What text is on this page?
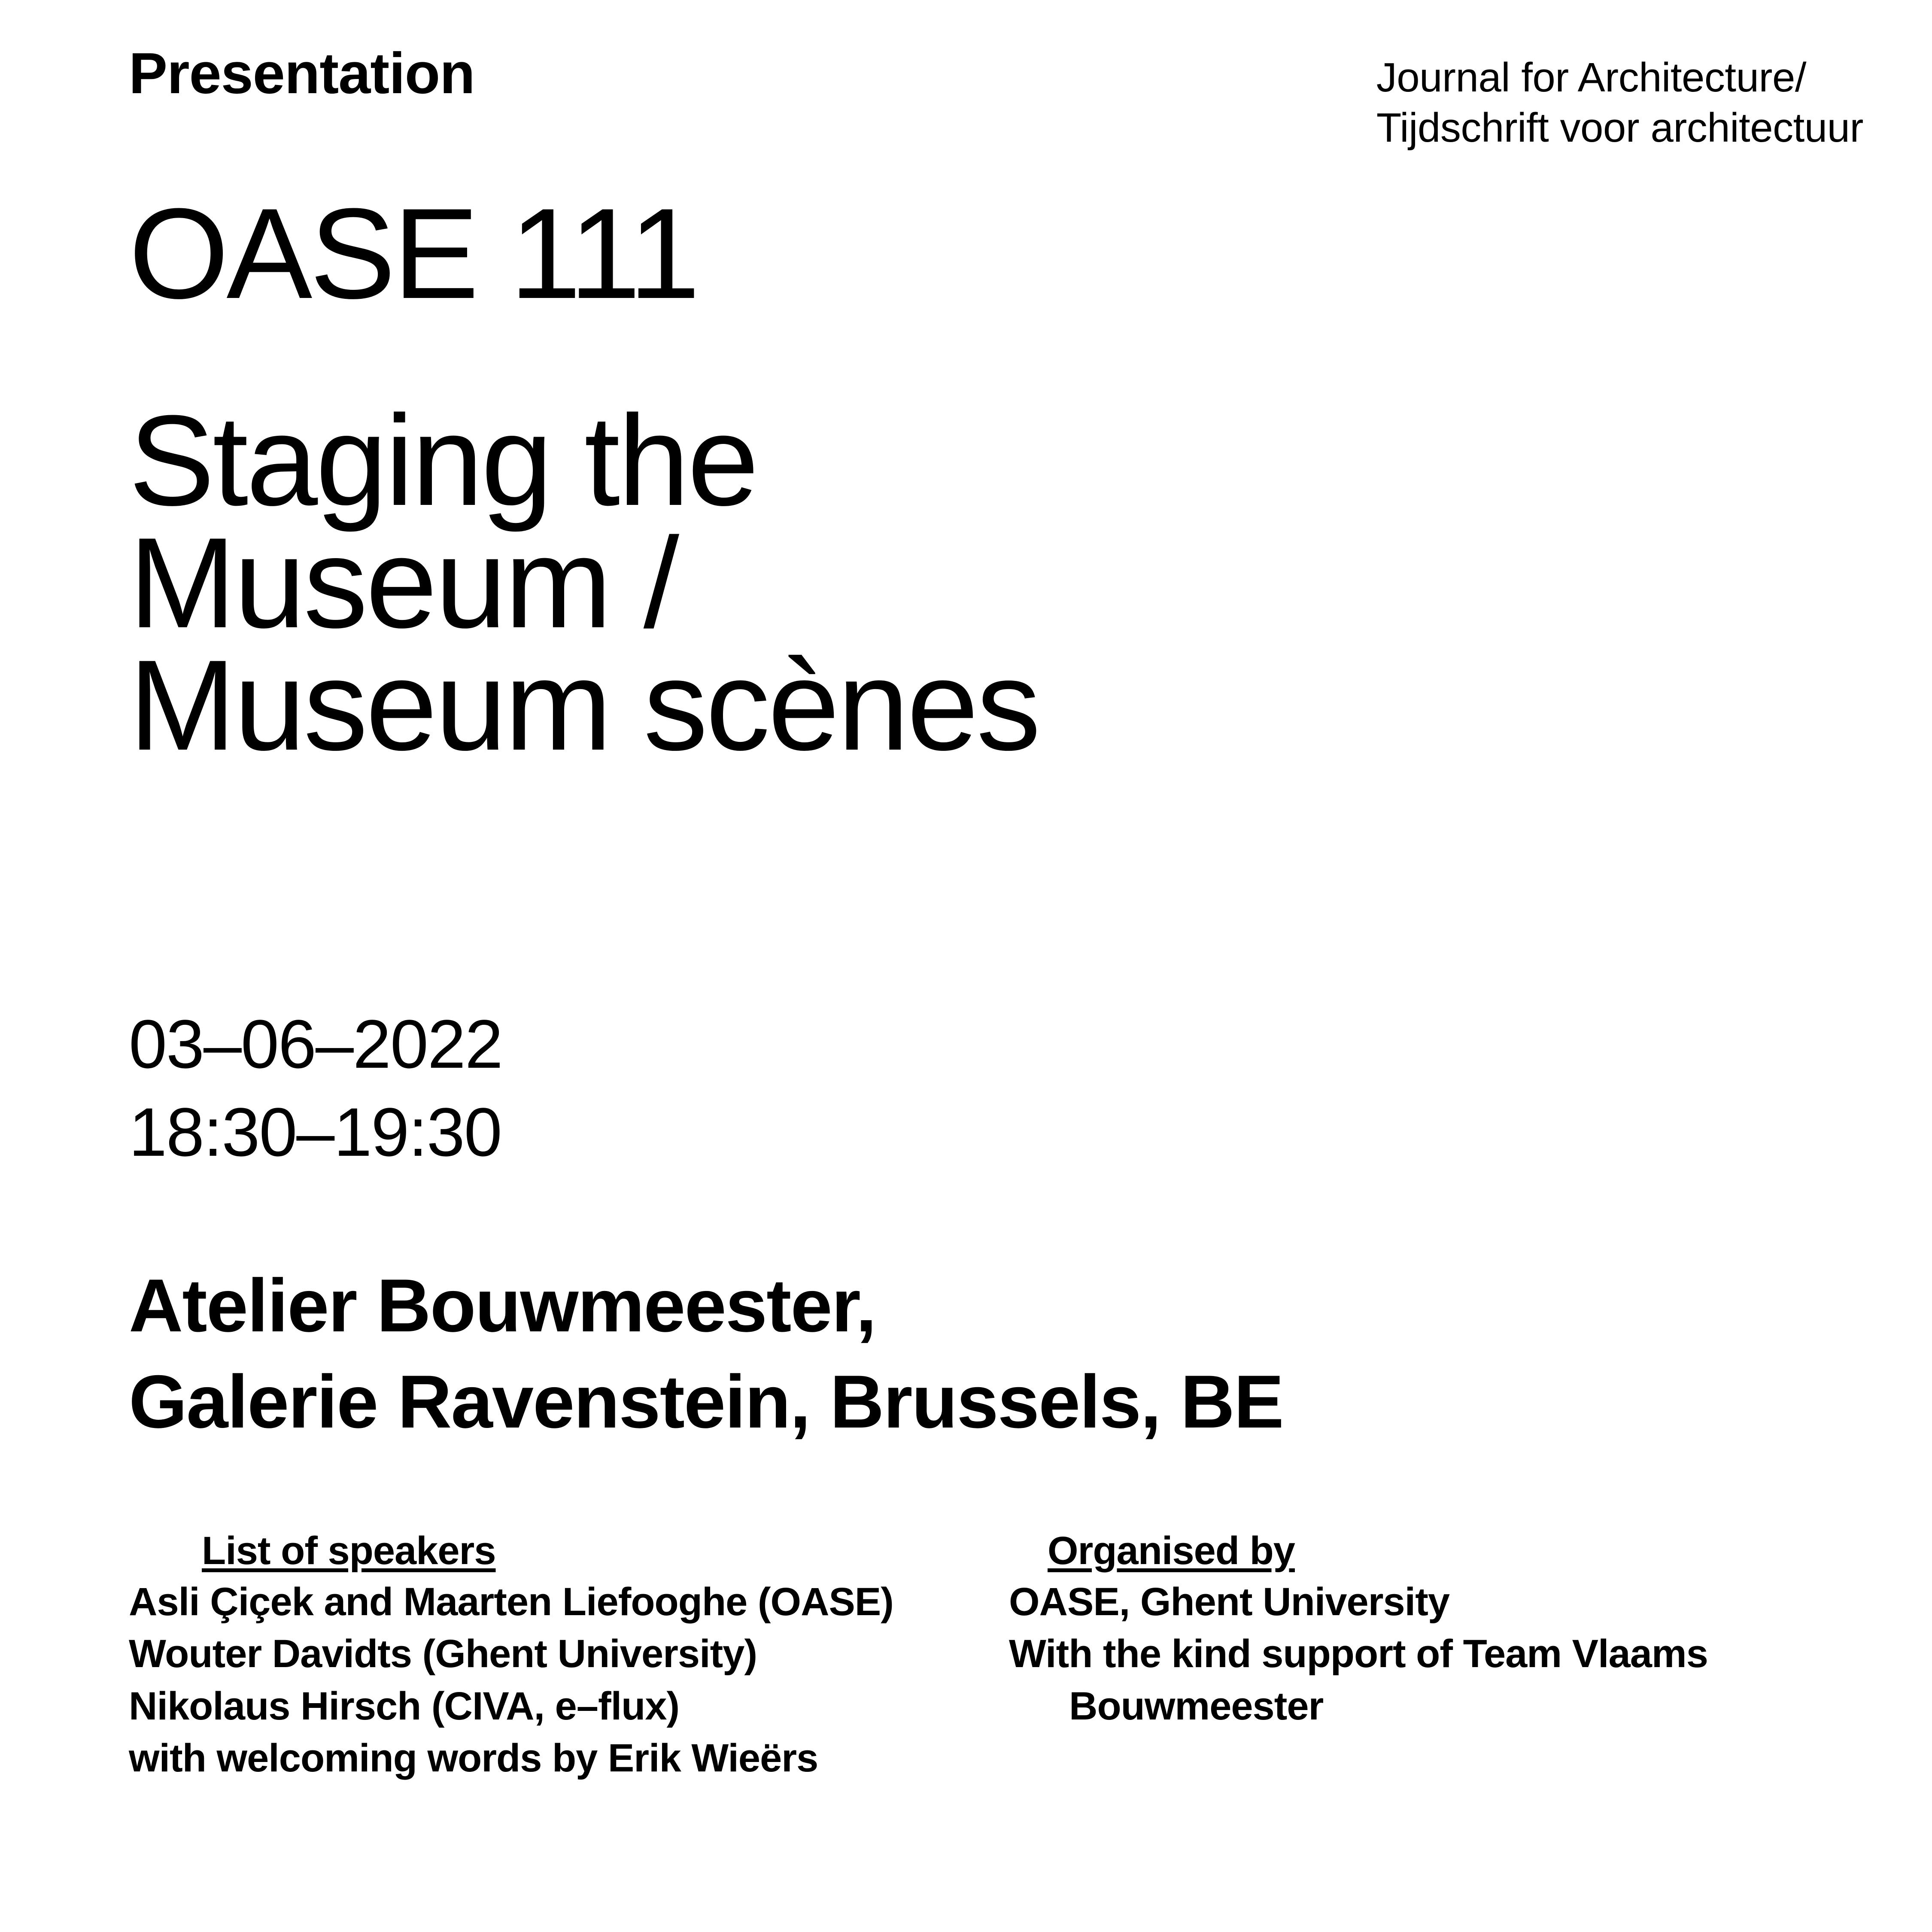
Presentation	Journal for Architecture/
Tijdschrift voor architectuur
OASE 111
Staging the
Museum /
Museum scènes
03–06–2022
18:30–19:30
Atelier Bouwmeester,
Galerie Ravenstein, Brussels, BE
List of speakers
Asli Çiçek and Maarten Liefooghe (OASE)
Wouter Davidts (Ghent University)
Nikolaus Hirsch (CIVA, e–flux)
with welcoming words by Erik Wieërs
Organised by
OASE, Ghent University
With the kind support of Team Vlaams
Bouwmeester
